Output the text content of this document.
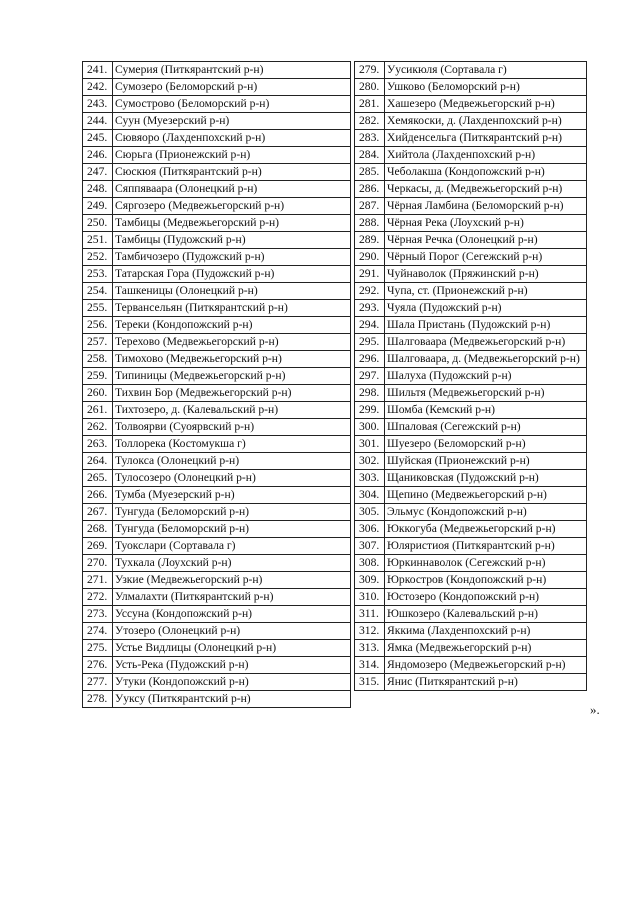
241.	Сумерия (Питкярантский р-н)
242.	Сумозеро (Беломорский р-н)
243.	Сумострово (Беломорский р-н)
244.	Суун (Муезерский р-н)
245.	Сювяоро (Лахденпохский р-н)
246.	Сюрьга (Прионежский р-н)
247.	Сюскюя (Питкярантский р-н)
248.	Сяппяваара (Олонецкий р-н)
249.	Сяргозеро (Медвежьегорский р-н)
250.	Тамбицы (Медвежьегорский р-н)
251.	Тамбицы (Пудожский р-н)
252.	Тамбичозеро (Пудожский р-н)
253.	Татарская Гора (Пудожский р-н)
254.	Ташкеницы (Олонецкий р-н)
255.	Тервансельян (Питкярантский р-н)
256.	Тереки (Кондопожский р-н)
257.	Терехово (Медвежьегорский р-н)
258.	Тимохово (Медвежьегорский р-н)
259.	Типиницы (Медвежьегорский р-н)
260.	Тихвин Бор (Медвежьегорский р-н)
261.	Тихтозеро, д. (Калевальский р-н)
262.	Толвоярви (Суоярвский р-н)
263.	Толлорека (Костомукша г)
264.	Тулокса (Олонецкий р-н)
265.	Тулосозеро (Олонецкий р-н)
266.	Тумба (Муезерский р-н)
267.	Тунгуда (Беломорский р-н)
268.	Тунгуда (Беломорский р-н)
269.	Туокслари (Сортавала г)
270.	Тухкала (Лоухский р-н)
271.	Узкие (Медвежьегорский р-н)
272.	Улмалахти (Питкярантский р-н)
273.	Уссуна (Кондопожский р-н)
274.	Утозеро (Олонецкий р-н)
275.	Устье Видлицы (Олонецкий р-н)
276.	Усть-Река (Пудожский р-н)
277.	Утуки (Кондопожский р-н)
278.	Ууксу (Питкярантский р-н)
279.	Уусикюля (Сортавала г)
280.	Ушково (Беломорский р-н)
281.	Хашезеро (Медвежьегорский р-н)
282.	Хемякоски, д. (Лахденпохский р-н)
283.	Хийденсельга (Питкярантский р-н)
284.	Хийтола (Лахденпохский р-н)
285.	Чеболакша (Кондопожский р-н)
286.	Черкасы, д. (Медвежьегорский р-н)
287.	Чёрная Ламбина (Беломорский р-н)
288.	Чёрная Река (Лоухский р-н)
289.	Чёрная Речка (Олонецкий р-н)
290.	Чёрный Порог (Сегежский р-н)
291.	Чуйнаволок (Пряжинский р-н)
292.	Чупа, ст. (Прионежский р-н)
293.	Чуяла (Пудожский р-н)
294.	Шала Пристань (Пудожский р-н)
295.	Шалговаара (Медвежьегорский р-н)
296.	Шалговаара, д. (Медвежьегорский р-н)
297.	Шалуха (Пудожский р-н)
298.	Шильтя (Медвежьегорский р-н)
299.	Шомба (Кемский р-н)
300.	Шпаловая (Сегежский р-н)
301.	Шуезеро (Беломорский р-н)
302.	Шуйская (Прионежский р-н)
303.	Щаниковская (Пудожский р-н)
304.	Щепино (Медвежьегорский р-н)
305.	Эльмус (Кондопожский р-н)
306.	Юккогуба (Медвежьегорский р-н)
307.	Юляристиоя (Питкярантский р-н)
308.	Юркиннаволок (Сегежский р-н)
309.	Юркостров (Кондопожский р-н)
310.	Юстозеро (Кондопожский р-н)
311.	Юшкозеро (Калевальский р-н)
312.	Яккима (Лахденпохский р-н)
313.	Ямка (Медвежьегорский р-н)
314.	Яндомозеро (Медвежьегорский р-н)
315.	Янис (Питкярантский р-н)
».
